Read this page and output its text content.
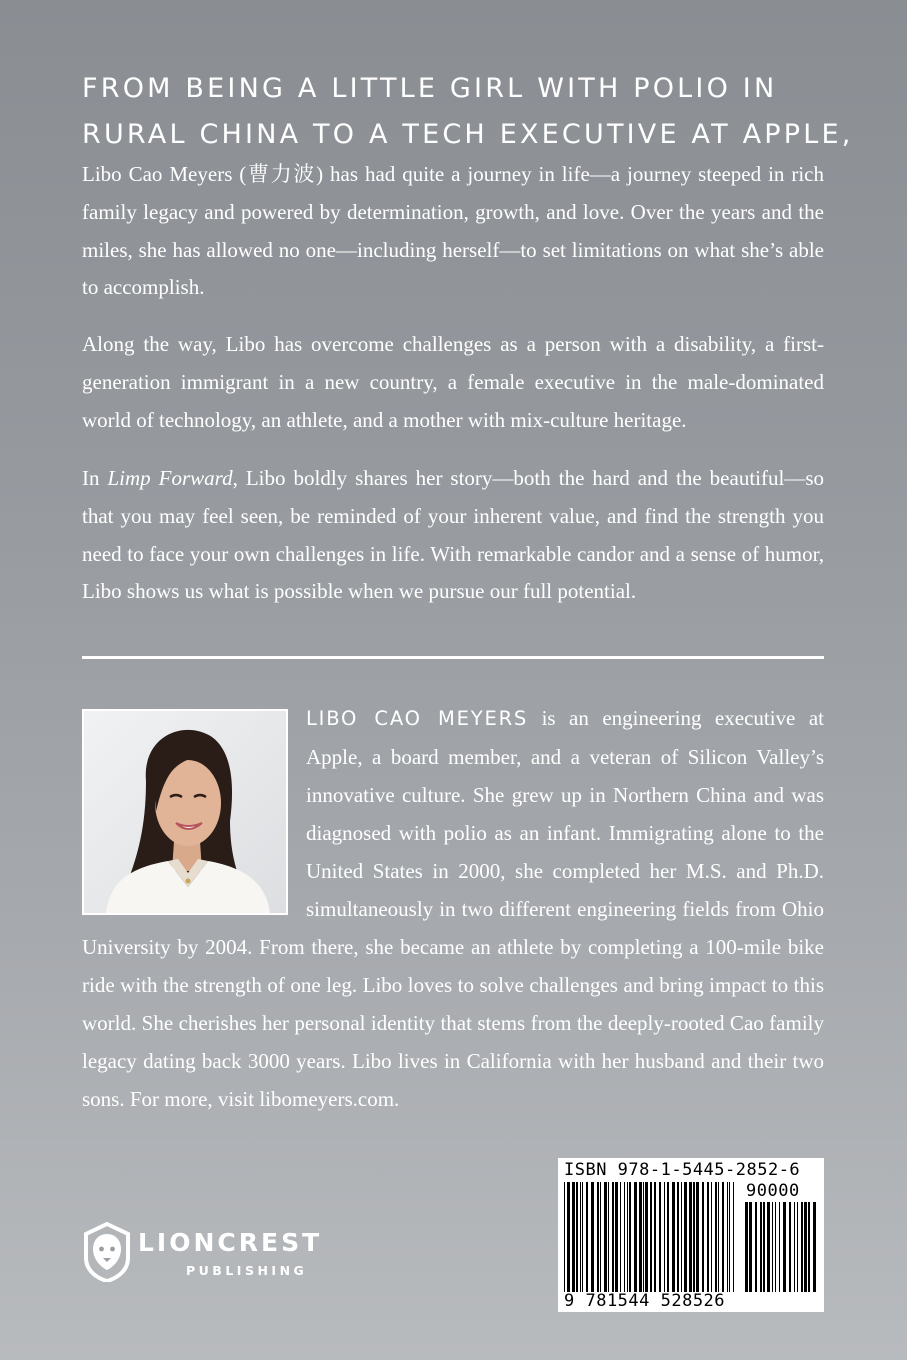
FROM BEING A LITTLE GIRL WITH POLIO IN
RURAL CHINA TO A TECH EXECUTIVE AT APPLE,
Libo Cao Meyers (曹力波) has had quite a journey in life—a journey steeped in rich family legacy and powered by determination, growth, and love. Over the years and the miles, she has allowed no one—including herself—to set limitations on what she’s able to accomplish.
Along the way, Libo has overcome challenges as a person with a disability, a first-generation immigrant in a new country, a female executive in the male-dominated world of technology, an athlete, and a mother with mix-culture heritage.
In Limp Forward, Libo boldly shares her story—both the hard and the beautiful—so that you may feel seen, be reminded of your inherent value, and find the strength you need to face your own challenges in life. With remarkable candor and a sense of humor, Libo shows us what is possible when we pursue our full potential.
LIBO CAO MEYERS is an engineering executive at Apple, a board member, and a veteran of Silicon Valley’s innovative culture. She grew up in Northern China and was diagnosed with polio as an infant. Immigrating alone to the United States in 2000, she completed her M.S. and Ph.D. simultaneously in two different engineering fields from Ohio University by 2004. From there, she became an athlete by completing a 100-mile bike ride with the strength of one leg. Libo loves to solve challenges and bring impact to this world. She cherishes her personal identity that stems from the deeply-rooted Cao family legacy dating back 3000 years. Libo lives in California with her husband and their two sons. For more, visit libomeyers.com.
LIONCREST
PUBLISHING
ISBN 978-1-5445-2852-6
90000
9 781544 528526
